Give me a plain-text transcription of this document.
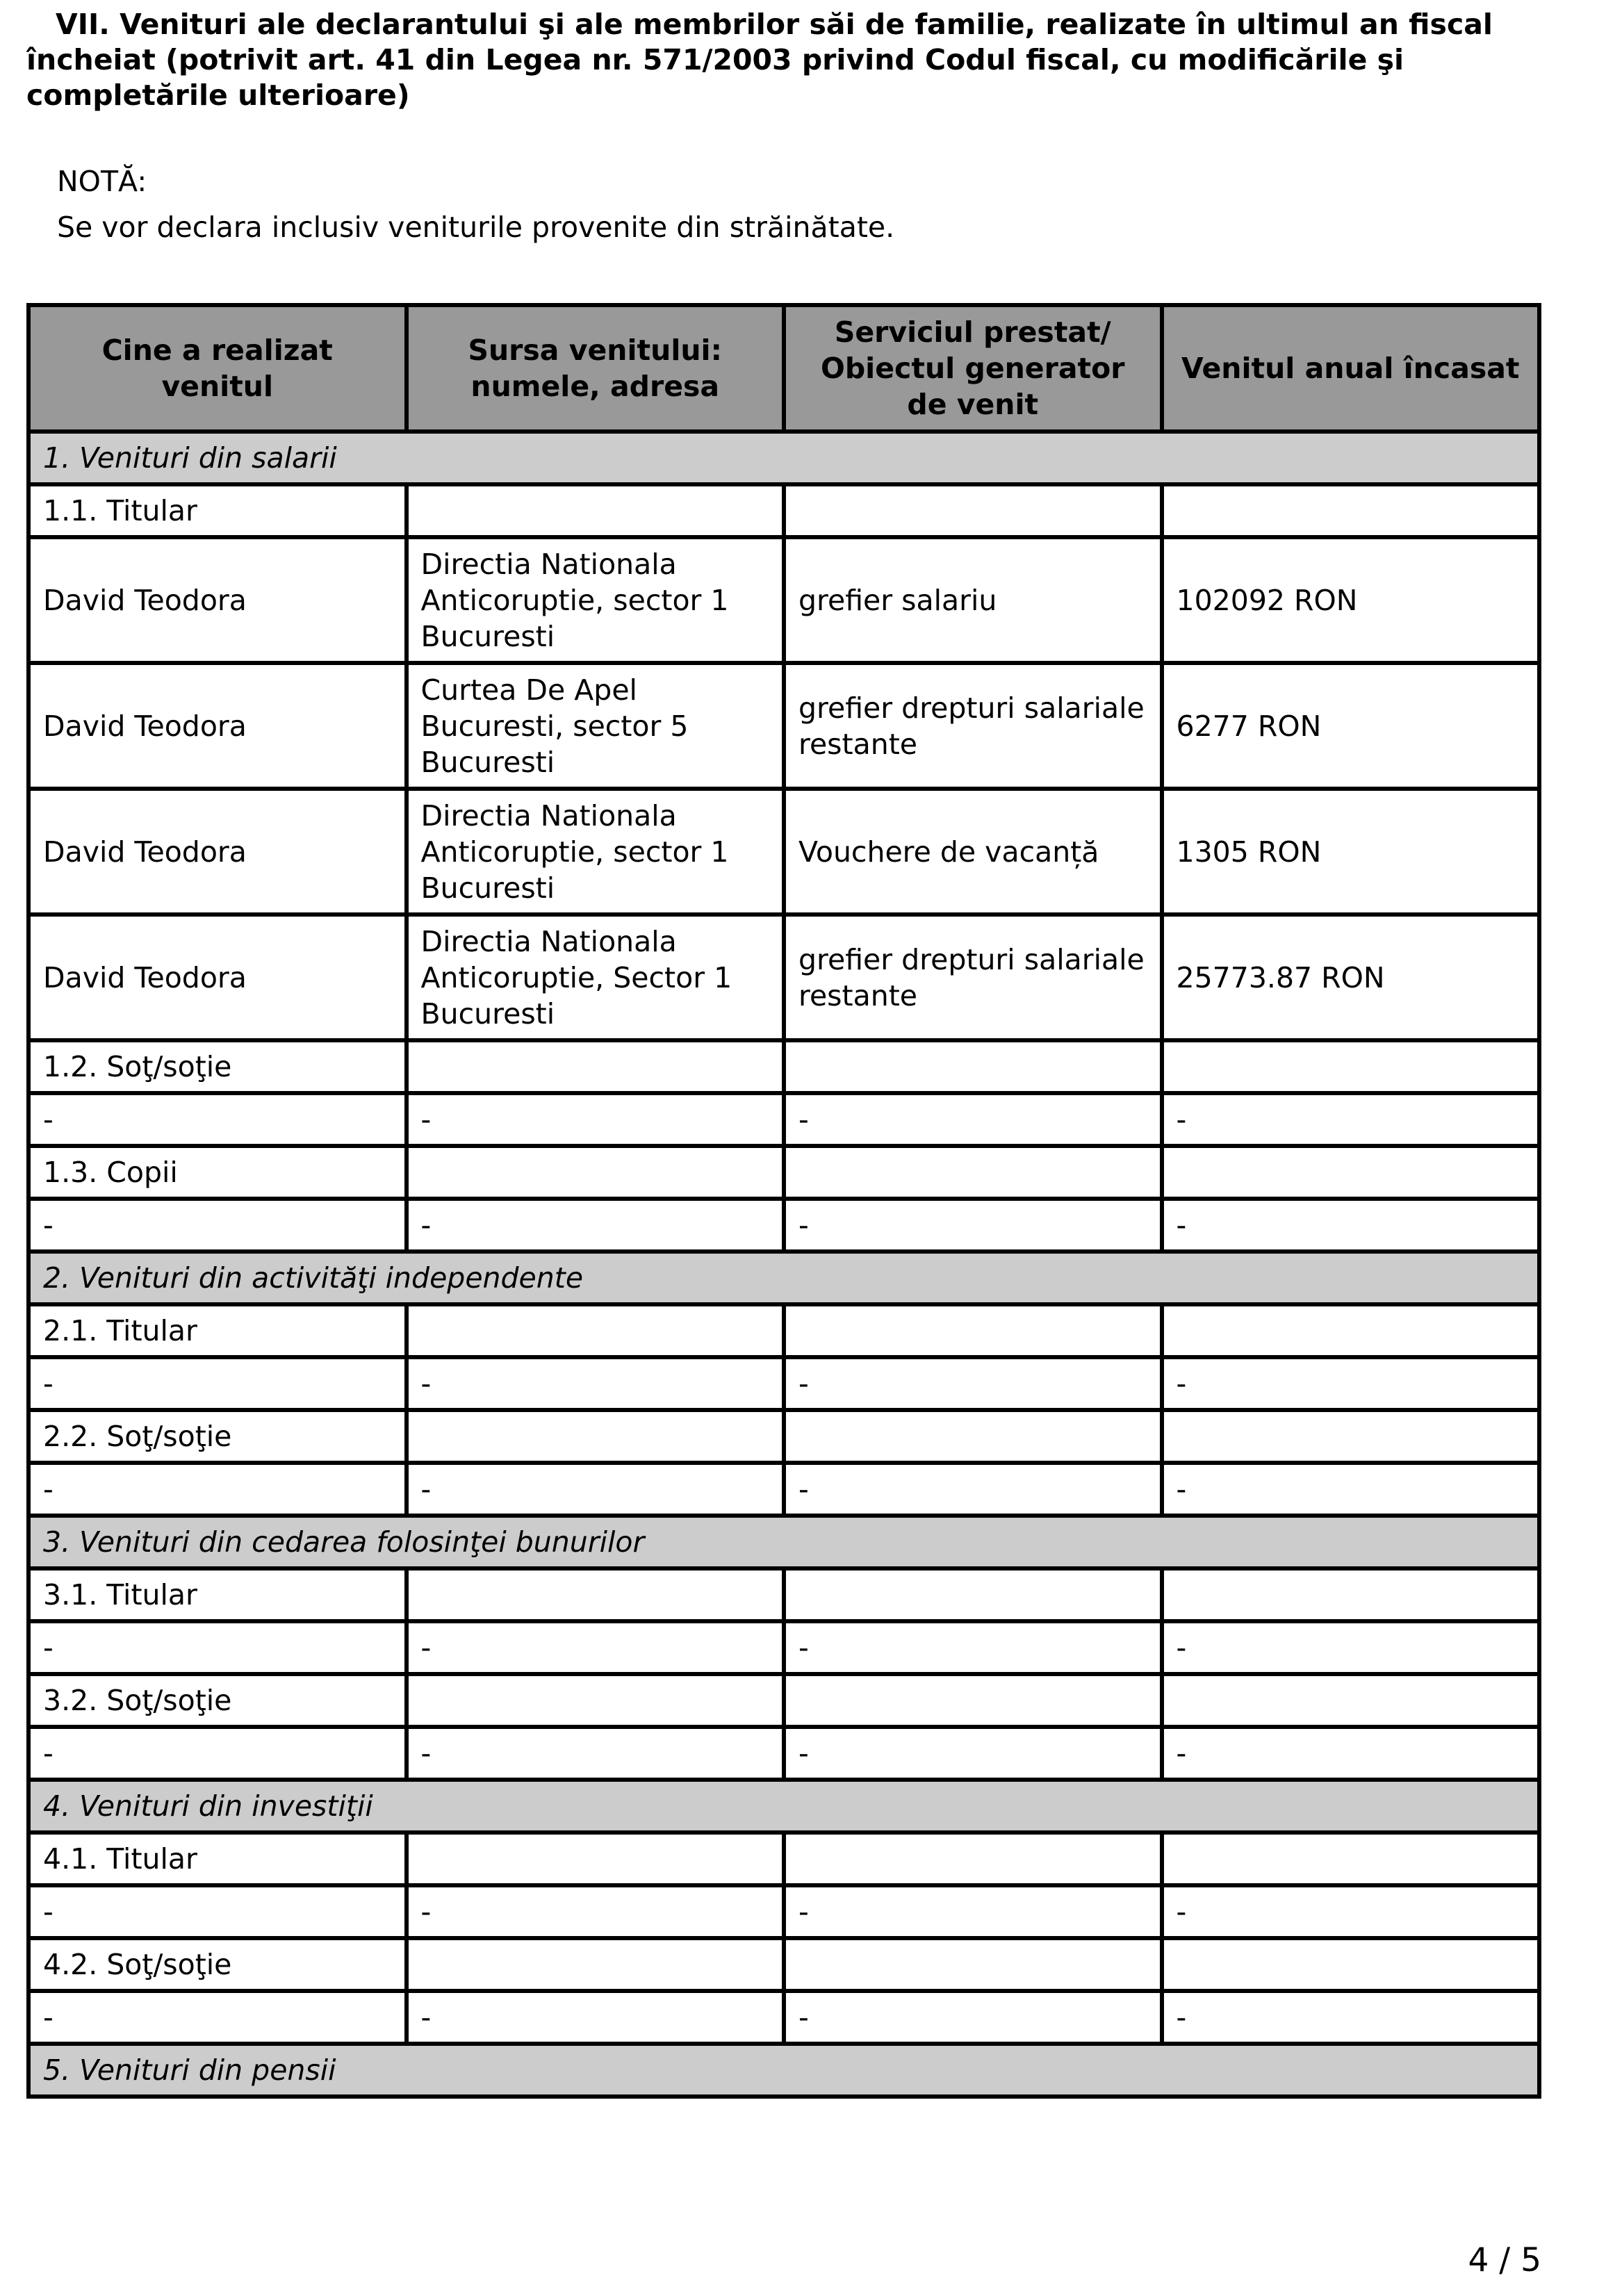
VII. Venituri ale declarantului şi ale membrilor săi de familie, realizate în ultimul an fiscal încheiat (potrivit art. 41 din Legea nr. 571/2003 privind Codul fiscal, cu modificările şi completările ulterioare)
NOTĂ:
Se vor declara inclusiv veniturile provenite din străinătate.
Cine a realizat venitul	Sursa venitului: numele, adresa	Serviciul prestat/ Obiectul generator de venit	Venitul anual încasat
1. Venituri din salarii			
1.1. Titular			
David Teodora	Directia Nationala Anticoruptie, sector 1 Bucuresti	grefier salariu	102092 RON
David Teodora	Curtea De Apel Bucuresti, sector 5 Bucuresti	grefier drepturi salariale restante	6277 RON
David Teodora	Directia Nationala Anticoruptie, sector 1 Bucuresti	Vouchere de vacanță	1305 RON
David Teodora	Directia Nationala Anticoruptie, Sector 1 Bucuresti	grefier drepturi salariale restante	25773.87 RON
1.2. Soţ/soţie			
-	-	-	-
1.3. Copii			
-	-	-	-
2. Venituri din activităţi independente			
2.1. Titular			
-	-	-	-
2.2. Soţ/soţie			
-	-	-	-
3. Venituri din cedarea folosinţei bunurilor			
3.1. Titular			
-	-	-	-
3.2. Soţ/soţie			
-	-	-	-
4. Venituri din investiţii			
4.1. Titular			
-	-	-	-
4.2. Soţ/soţie			
-	-	-	-
5. Venituri din pensii			
4 / 5
